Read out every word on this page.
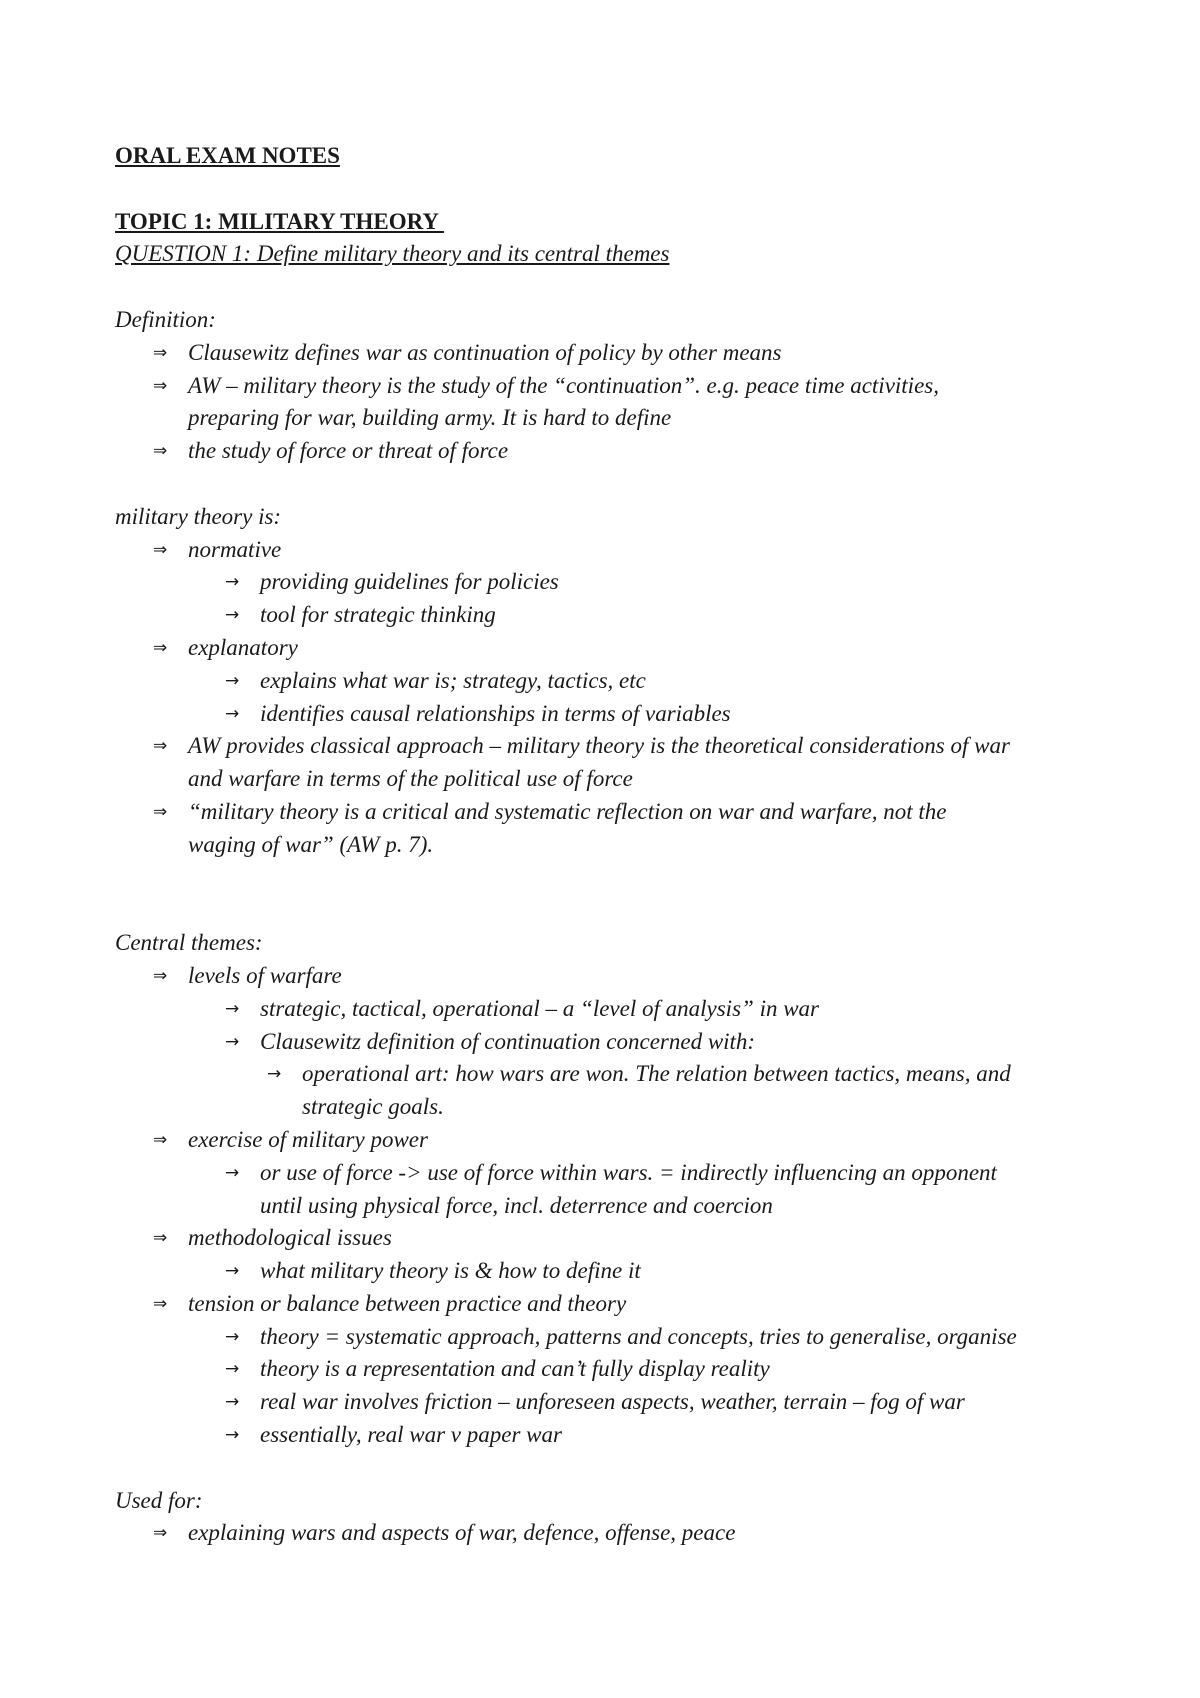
ORAL EXAM NOTES
TOPIC 1: MILITARY THEORY
QUESTION 1: Define military theory and its central themes
Definition:
⇒ Clausewitz defines war as continuation of policy by other means
⇒ AW – military theory is the study of the “continuation”. e.g. peace time activities,
preparing for war, building army. It is hard to define
⇒ the study of force or threat of force
military theory is:
⇒ normative
→ providing guidelines for policies
→ tool for strategic thinking
⇒ explanatory
→ explains what war is; strategy, tactics, etc
→ identifies causal relationships in terms of variables
⇒ AW provides classical approach – military theory is the theoretical considerations of war
and warfare in terms of the political use of force
⇒ “military theory is a critical and systematic reflection on war and warfare, not the
waging of war” (AW p. 7).
Central themes:
⇒ levels of warfare
→ strategic, tactical, operational – a “level of analysis” in war
→ Clausewitz definition of continuation concerned with:
→ operational art: how wars are won. The relation between tactics, means, and
strategic goals.
⇒ exercise of military power
→ or use of force -> use of force within wars. = indirectly influencing an opponent
until using physical force, incl. deterrence and coercion
⇒ methodological issues
→ what military theory is & how to define it
⇒ tension or balance between practice and theory
→ theory = systematic approach, patterns and concepts, tries to generalise, organise
→ theory is a representation and can’t fully display reality
→ real war involves friction – unforeseen aspects, weather, terrain – fog of war
→ essentially, real war v paper war
Used for:
⇒ explaining wars and aspects of war, defence, offense, peace
